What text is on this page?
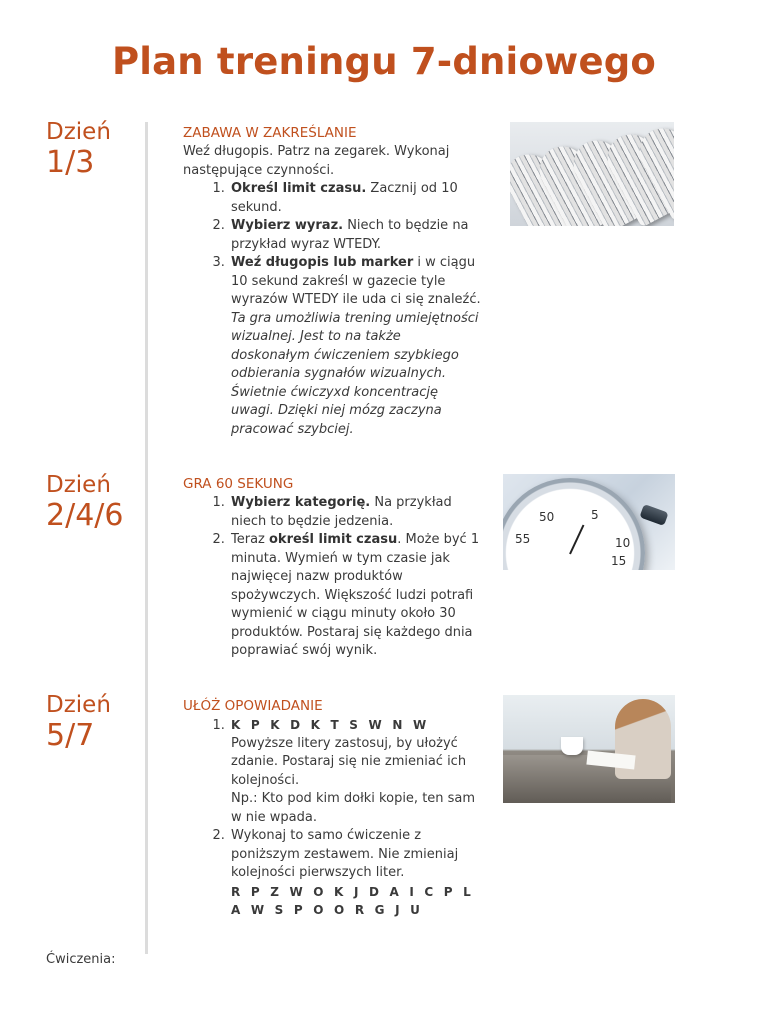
Plan treningu 7-dniowego
Dzień
1/3

ZABAWA W ZAKREŚLANIE

Weź długopis. Patrz na zegarek. Wykonaj następujące czynności.

1. Określ limit czasu. Zacznij od 10 sekund.
2. Wybierz wyraz. Niech to będzie na przykład wyraz WTEDY.
3. Weź długopis lub marker i w ciągu 10 sekund zakreśl w gazecie tyle wyrazów WTEDY ile uda ci się znaleźć.
Ta gra umożliwia trening umiejętności wizualnej. Jest to na także doskonałym ćwiczeniem szybkiego odbierania sygnałów wizualnych. Świetnie ćwiczyxd koncentrację uwagi. Dzięki niej mózg zaczyna pracować szybciej.
Dzień
2/4/6

GRA 60 SEKUNG

1. Wybierz kategorię. Na przykład niech to będzie jedzenia.
2. Teraz określ limit czasu. Może być 1 minuta. Wymień w tym czasie jak najwięcej nazw produktów spożywczych. Większość ludzi potrafi wymienić w ciągu minuty około 30 produktów. Postaraj się każdego dnia poprawiać swój wynik.
50	5
10
55
15
Dzień
5/7

UŁÓŻ OPOWIADANIE

1. K P K D K T S W N W
Powyższe litery zastosuj, by ułożyć zdanie. Postaraj się nie zmieniać ich kolejności.
Np.: Kto pod kim dołki kopie, ten sam w nie wpada.
2. Wykonaj to samo ćwiczenie z poniższym zestawem. Nie zmieniaj kolejności pierwszych liter.
R P Z W O K J D A I C P L A W S P O O R G J U
Ćwiczenia:
